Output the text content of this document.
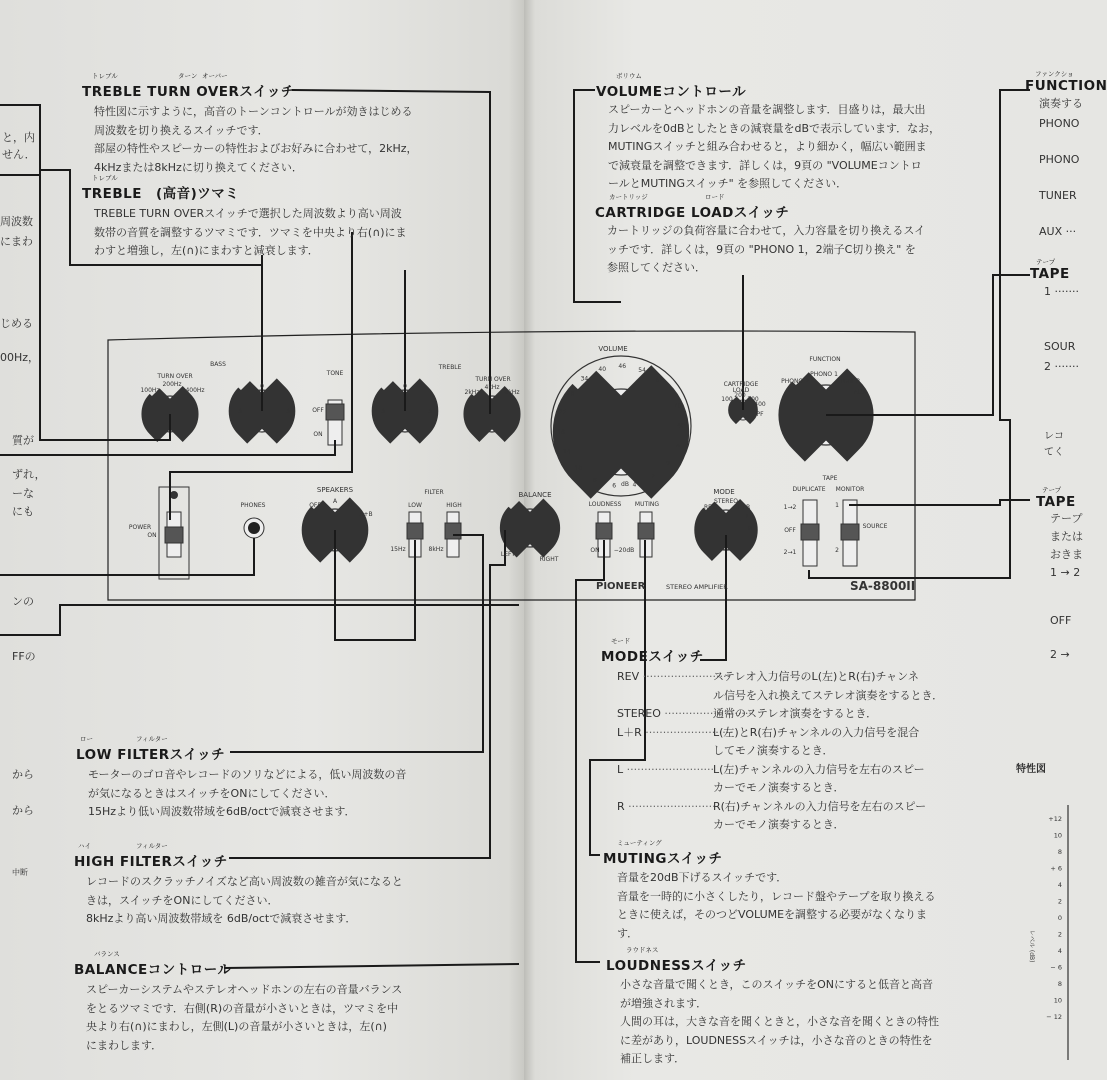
BASS
TURN OVER
100Hz
200Hz
400Hz
TONE
OFF
ON
TREBLE
TURN OVER
2kHz
4kHz
8kHz
0	0
3	3	3	3
POWER
ON
PHONES
SPEAKERS
OFF
A
B
A+B
FILTER
LOW	HIGH
15Hz	8kHz
BALANCE
LEFT
RIGHT
VOLUME
dB
LOUDNESS
ON
MUTING
−20dB
MODE
REV
STEREO
L+R
L
R
CARTRIDGE
LOAD
100
200
300
400
PF
FUNCTION
PHONO 2
PHONO 1
TUNER
AUX
TAPE
DUPLICATE MONITOR
1→2
OFF
2→1
1
SOURCE
2
70
90
∞
0
2
4
6
8
10
14
18
22
28
34
40 46
54
62
PIONEER	STEREO AMPLIFIER	SA-8800II
+12
10
8
+ 6
4
2
0
2
4
− 6
8
10
− 12
特性図
レベル (dB)
トレブル	ターン オーバー
TREBLE TURN OVERスイッチ
特性図に示すように，高音のトーンコントロールが効きはじめる
周波数を切り換えるスイッチです．
部屋の特性やスピーカーの特性およびお好みに合わせて，2kHz，
4kHzまたは8kHzに切り換えてください．
トレブル
TREBLE　(高音)ツマミ
TREBLE TURN OVERスイッチで選択した周波数より高い周波
数帯の音質を調整するツマミです．ツマミを中央より右(∩)にま
わすと増強し，左(∩)にまわすと減衰します．
ロー	フィルター
LOW FILTERスイッチ
モーターのゴロ音やレコードのソリなどによる，低い周波数の音
が気になるときはスイッチをONにしてください．
15Hzより低い周波数帯域を6dB/octで減衰させます．
ハイ	フィルター
HIGH FILTERスイッチ
レコードのスクラッチノイズなど高い周波数の雑音が気になると
きは，スイッチをONにしてください．
8kHzより高い周波数帯域を 6dB/octで減衰させます．
バランス
BALANCEコントロール
スピーカーシステムやステレオヘッドホンの左右の音量バランス
をとるツマミです．右側(R)の音量が小さいときは，ツマミを中
央より右(∩)にまわし，左側(L)の音量が小さいときは，左(∩)
にまわします．
と，内
せん．
周波数
にまわ
じめる
00Hz，
質が
ずれ，
ーな
にも
ンの
FFの
から
から
中断
ボリウム
VOLUMEコントロール
スピーカーとヘッドホンの音量を調整します．目盛りは，最大出
力レベルを0dBとしたときの減衰量をdBで表示しています．なお，
MUTINGスイッチと組み合わせると，より細かく，幅広い範囲ま
で減衰量を調整できます．詳しくは，9頁の "VOLUMEコントロ
ールとMUTINGスイッチ" を参照してください．
カートリッジ	ロード
CARTRIDGE LOADスイッチ
カートリッジの負荷容量に合わせて，入力容量を切り換えるスイ
ッチです．詳しくは，9頁の "PHONO 1，2端子C切り換え" を
参照してください．
モード
MODEスイッチ
REV ·····	ステレオ入力信号のL(左)とR(右)チャンネ
ル信号を入れ換えてステレオ演奏をするとき．
STEREO ·····	通常のステレオ演奏をするとき．
L＋R ·····	L(左)とR(右)チャンネルの入力信号を混合
してモノ演奏するとき．
L ·····	L(左)チャンネルの入力信号を左右のスピー
カーでモノ演奏するとき．
R ·····	R(右)チャンネルの入力信号を左右のスピー
カーでモノ演奏するとき．
ミューティング
MUTINGスイッチ
音量を20dB下げるスイッチです．
音量を一時的に小さくしたり，レコード盤やテープを取り換える
ときに使えば，そのつどVOLUMEを調整する必要がなくなりま
す．
ラウドネス
LOUDNESSスイッチ
小さな音量で聞くとき，このスイッチをONにすると低音と高音
が増強されます．
人間の耳は，大きな音を聞くときと，小さな音を聞くときの特性
に差があり，LOUDNESSスイッチは，小さな音のときの特性を
補正します．
ファンクショ
FUNCTION
演奏する
PHONO
PHONO
TUNER
AUX ···
テープ
TAPE
1 ·······
SOUR
2 ·······
レコ
てく
テープ
TAPE
テープ
または
おきま
1 → 2
OFF
2 →
